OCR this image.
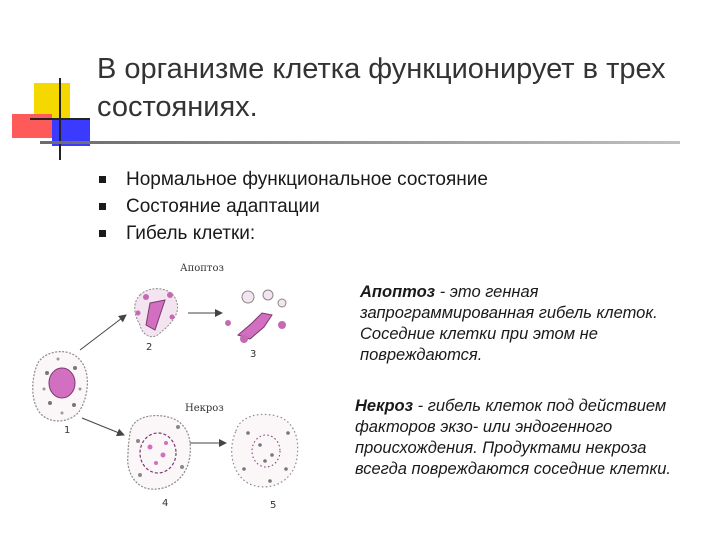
В организме клетка функционирует в трех состояниях.
Нормальное функциональное состояние
Состояние адаптации
Гибель клетки:
Апоптоз
Некроз
1
2
3
4	5

Апоптоз - это генная запрограммированная гибель клеток. Соседние клетки при этом не повреждаются.

Некроз - гибель клеток под действием факторов экзо- или эндогенного происхождения. Продуктами некроза всегда повреждаются соседние клетки.
